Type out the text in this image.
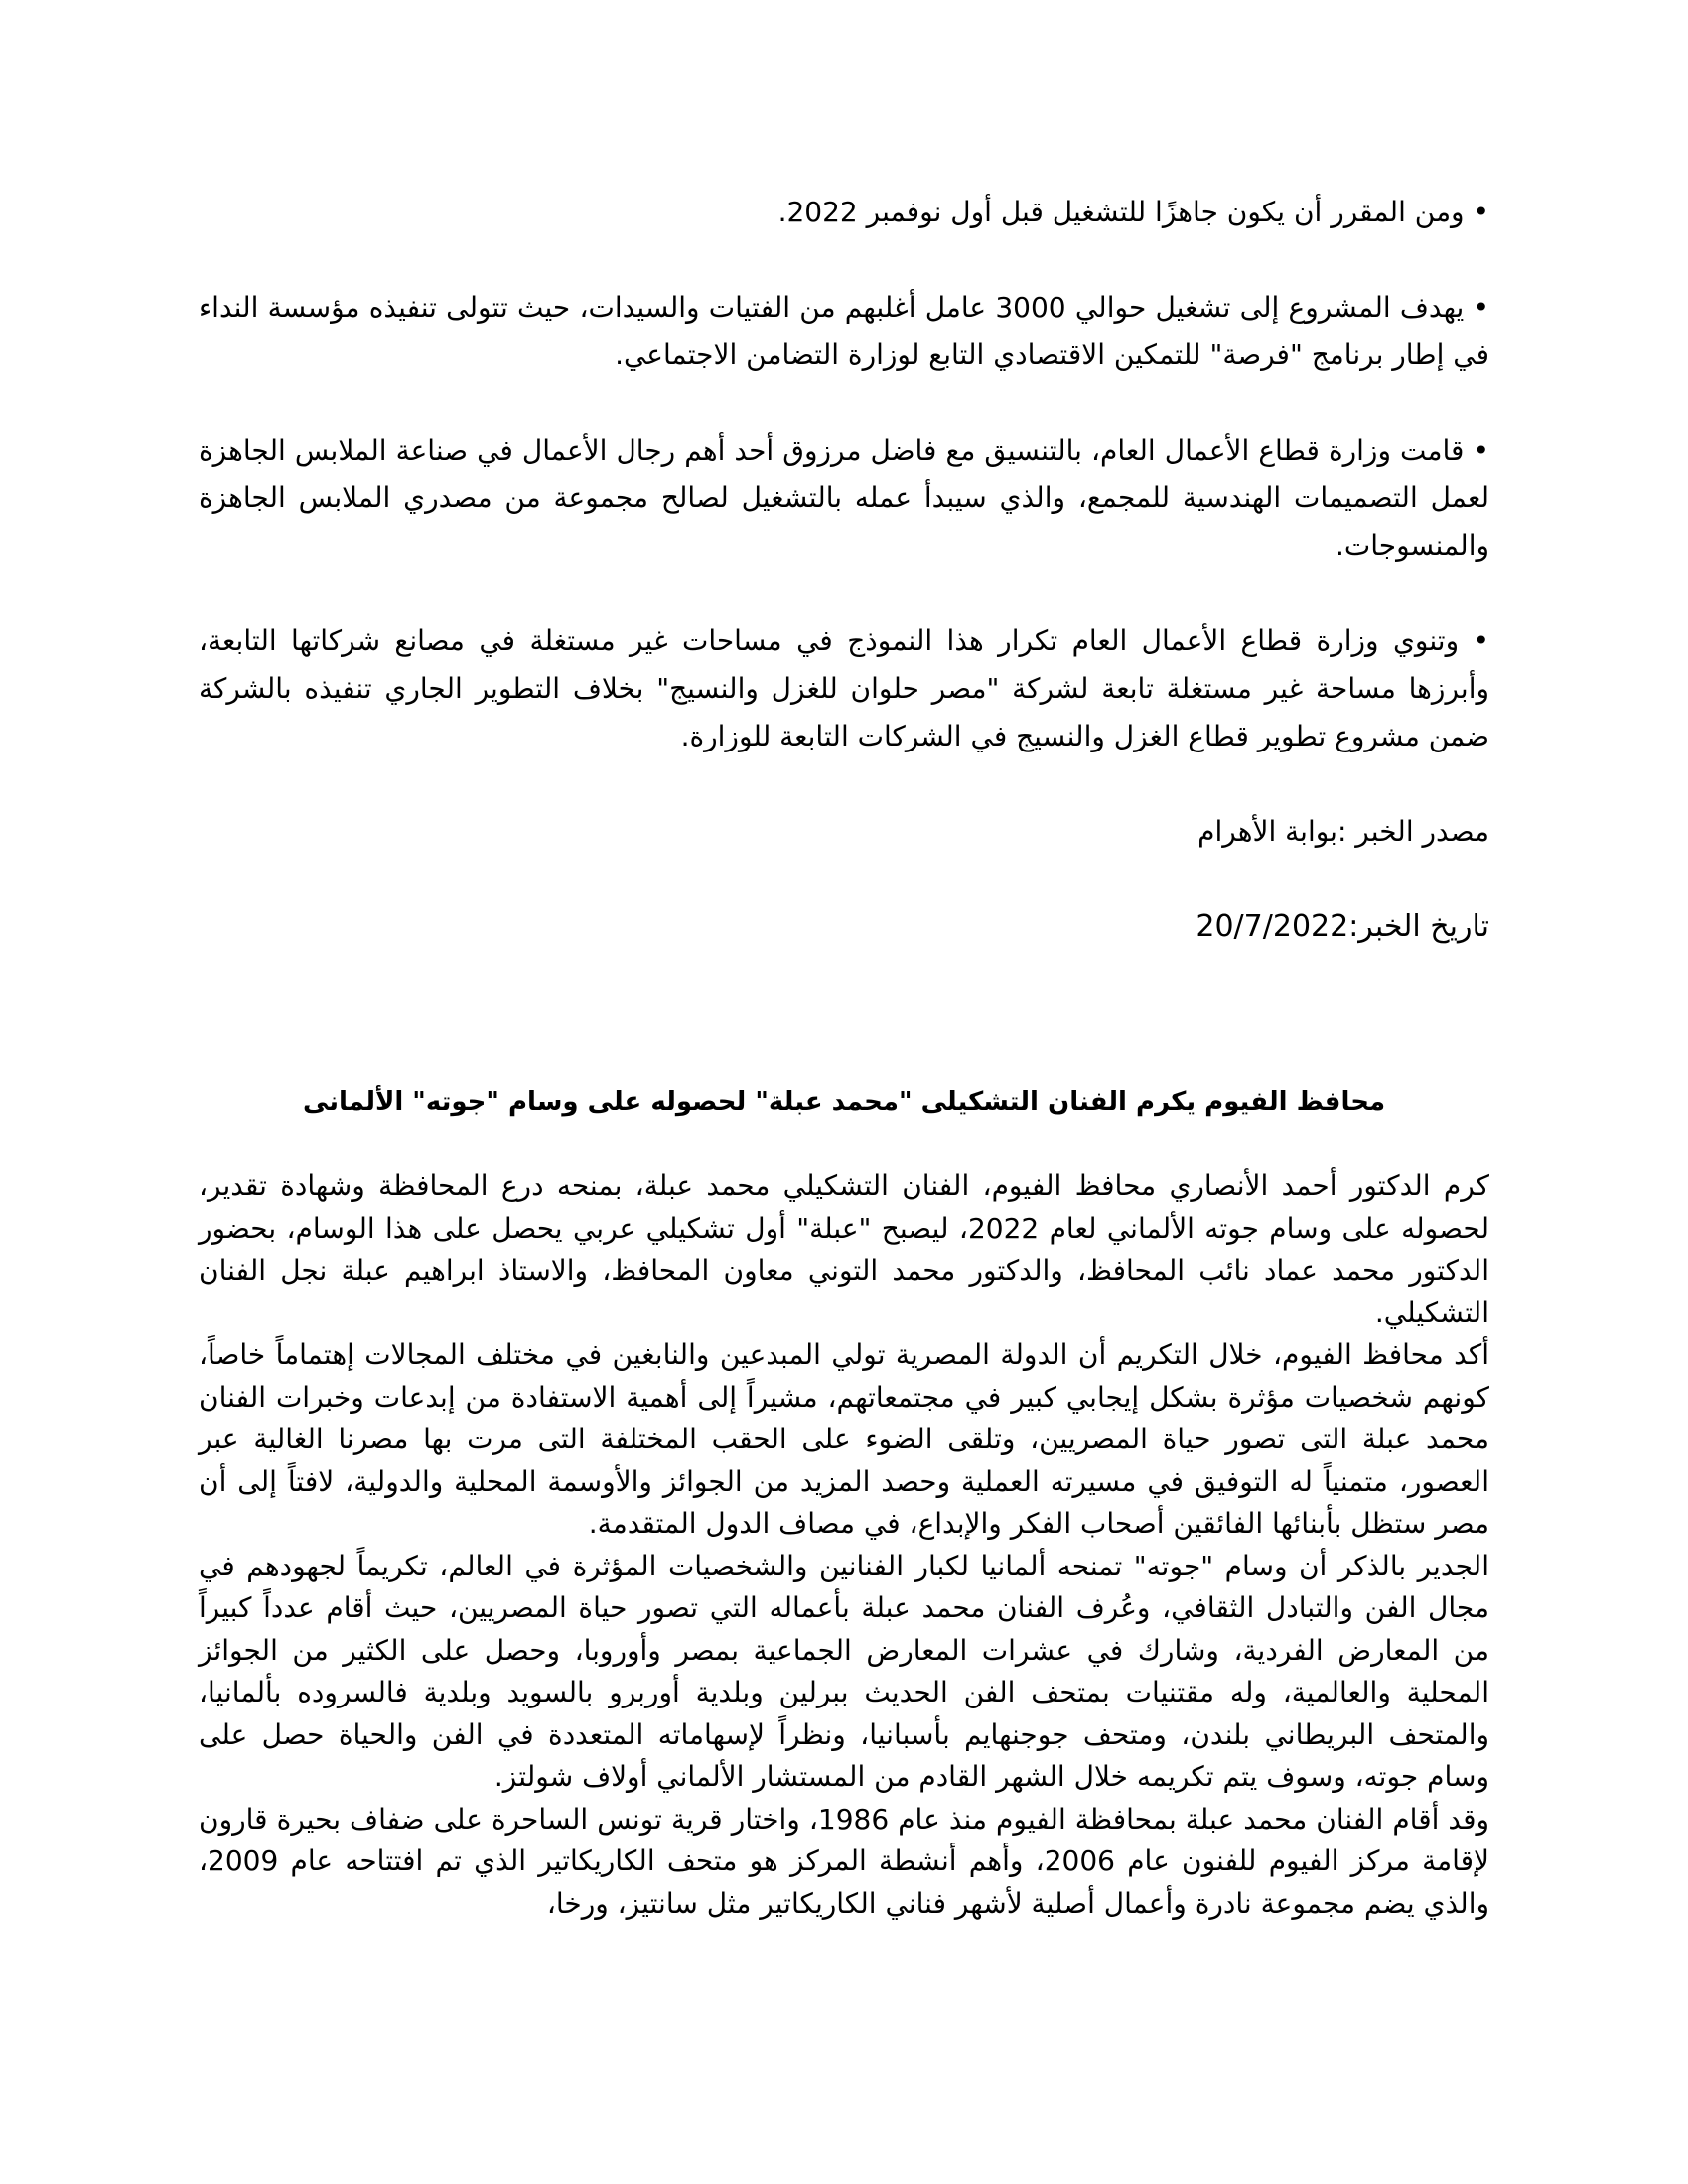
• ومن المقرر أن يكون جاهزًا للتشغيل قبل أول نوفمبر 2022.

• يهدف المشروع إلى تشغيل حوالي 3000 عامل أغلبهم من الفتيات والسيدات، حيث تتولى تنفيذه مؤسسة النداء في إطار برنامج "فرصة" للتمكين الاقتصادي التابع لوزارة التضامن الاجتماعي.

• قامت وزارة قطاع الأعمال العام، بالتنسيق مع فاضل مرزوق أحد أهم رجال الأعمال في صناعة الملابس الجاهزة لعمل التصميمات الهندسية للمجمع، والذي سيبدأ عمله بالتشغيل لصالح مجموعة من مصدري الملابس الجاهزة والمنسوجات.

• وتنوي وزارة قطاع الأعمال العام تكرار هذا النموذج في مساحات غير مستغلة في مصانع شركاتها التابعة، وأبرزها مساحة غير مستغلة تابعة لشركة "مصر حلوان للغزل والنسيج" بخلاف التطوير الجاري تنفيذه بالشركة ضمن مشروع تطوير قطاع الغزل والنسيج في الشركات التابعة للوزارة.

مصدر الخبر :بوابة الأهرام

تاريخ الخبر:20/7/2022

محافظ الفيوم يكرم الفنان التشكيلى "محمد عبلة" لحصوله على وسام "جوته" الألمانى

كرم الدكتور أحمد الأنصاري محافظ الفيوم، الفنان التشكيلي محمد عبلة، بمنحه درع المحافظة وشهادة تقدير، لحصوله على وسام جوته الألماني لعام 2022، ليصبح "عبلة" أول تشكيلي عربي يحصل على هذا الوسام، بحضور الدكتور محمد عماد نائب المحافظ، والدكتور محمد التوني معاون المحافظ، والاستاذ ابراهيم عبلة نجل الفنان التشكيلي.

أكد محافظ الفيوم، خلال التكريم أن الدولة المصرية تولي المبدعين والنابغين في مختلف المجالات إهتماماً خاصاً، كونهم شخصيات مؤثرة بشكل إيجابي كبير في مجتمعاتهم، مشيراً إلى أهمية الاستفادة من إبدعات وخبرات الفنان محمد عبلة التى تصور حياة المصريين، وتلقى الضوء على الحقب المختلفة التى مرت بها مصرنا الغالية عبر العصور، متمنياً له التوفيق في مسيرته العملية وحصد المزيد من الجوائز والأوسمة المحلية والدولية، لافتاً إلى أن مصر ستظل بأبنائها الفائقين أصحاب الفكر والإبداع، في مصاف الدول المتقدمة.

الجدير بالذكر أن وسام "جوته" تمنحه ألمانيا لكبار الفنانين والشخصيات المؤثرة في العالم، تكريماً لجهودهم في مجال الفن والتبادل الثقافي، وعُرف الفنان محمد عبلة بأعماله التي تصور حياة المصريين، حيث أقام عدداً كبيراً من المعارض الفردية، وشارك في عشرات المعارض الجماعية بمصر وأوروبا، وحصل على الكثير من الجوائز المحلية والعالمية، وله مقتنيات بمتحف الفن الحديث ببرلين وبلدية أوربرو بالسويد وبلدية فالسروده بألمانيا، والمتحف البريطاني بلندن، ومتحف جوجنهايم بأسبانيا، ونظراً لإسهاماته المتعددة في الفن والحياة حصل على وسام جوته، وسوف يتم تكريمه خلال الشهر القادم من المستشار الألماني أولاف شولتز.

وقد أقام الفنان محمد عبلة بمحافظة الفيوم منذ عام 1986، واختار قرية تونس الساحرة على ضفاف بحيرة قارون لإقامة مركز الفيوم للفنون عام 2006، وأهم أنشطة المركز هو متحف الكاريكاتير الذي تم افتتاحه عام 2009، والذي يضم مجموعة نادرة وأعمال أصلية لأشهر فناني الكاريكاتير مثل سانتيز، ورخا،
